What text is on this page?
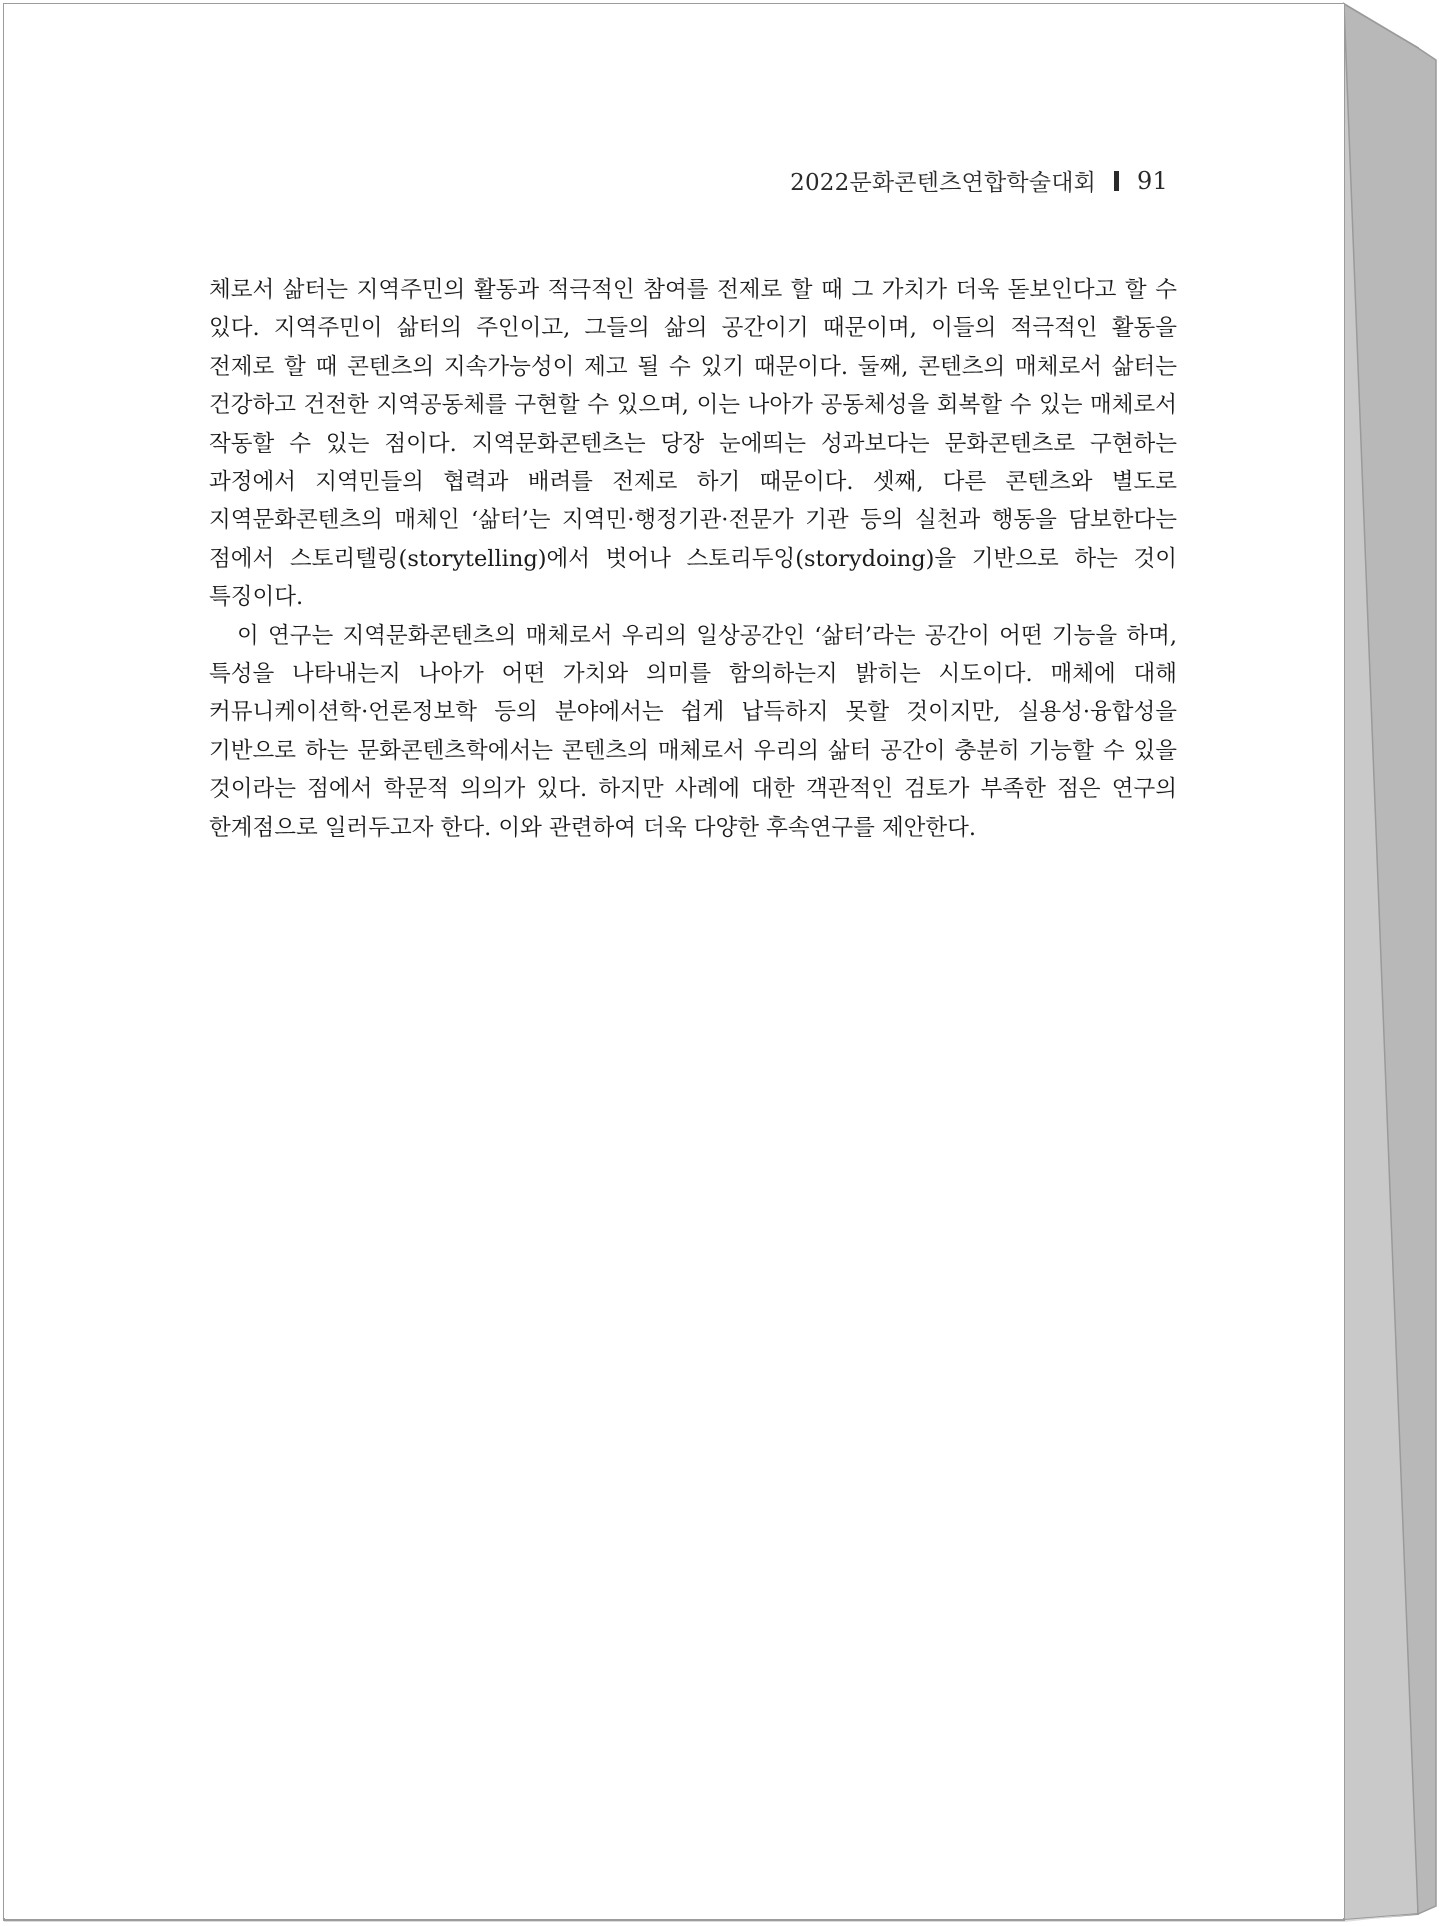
2022문화콘텐츠연합학술대회 91

체로서 삶터는 지역주민의 활동과 적극적인 참여를 전제로 할 때 그 가치가 더욱 돋보인다고 할 수 있다. 지역주민이 삶터의 주인이고, 그들의 삶의 공간이기 때문이며, 이들의 적극적인 활동을 전제로 할 때 콘텐츠의 지속가능성이 제고 될 수 있기 때문이다. 둘째, 콘텐츠의 매체로서 삶터는 건강하고 건전한 지역공동체를 구현할 수 있으며, 이는 나아가 공동체성을 회복할 수 있는 매체로서 작동할 수 있는 점이다. 지역문화콘텐츠는 당장 눈에띄는 성과보다는 문화콘텐츠로 구현하는 과정에서 지역민들의 협력과 배려를 전제로 하기 때문이다. 셋째, 다른 콘텐츠와 별도로 지역문화콘텐츠의 매체인 ‘삶터’는 지역민·행정기관·전문가 기관 등의 실천과 행동을 담보한다는 점에서 스토리텔링(storytelling)에서 벗어나 스토리두잉(storydoing)을 기반으로 하는 것이 특징이다.

이 연구는 지역문화콘텐츠의 매체로서 우리의 일상공간인 ‘삶터’라는 공간이 어떤 기능을 하며, 특성을 나타내는지 나아가 어떤 가치와 의미를 함의하는지 밝히는 시도이다. 매체에 대해 커뮤니케이션학·언론정보학 등의 분야에서는 쉽게 납득하지 못할 것이지만, 실용성·융합성을 기반으로 하는 문화콘텐츠학에서는 콘텐츠의 매체로서 우리의 삶터 공간이 충분히 기능할 수 있을 것이라는 점에서 학문적 의의가 있다. 하지만 사례에 대한 객관적인 검토가 부족한 점은 연구의 한계점으로 일러두고자 한다. 이와 관련하여 더욱 다양한 후속연구를 제안한다.
